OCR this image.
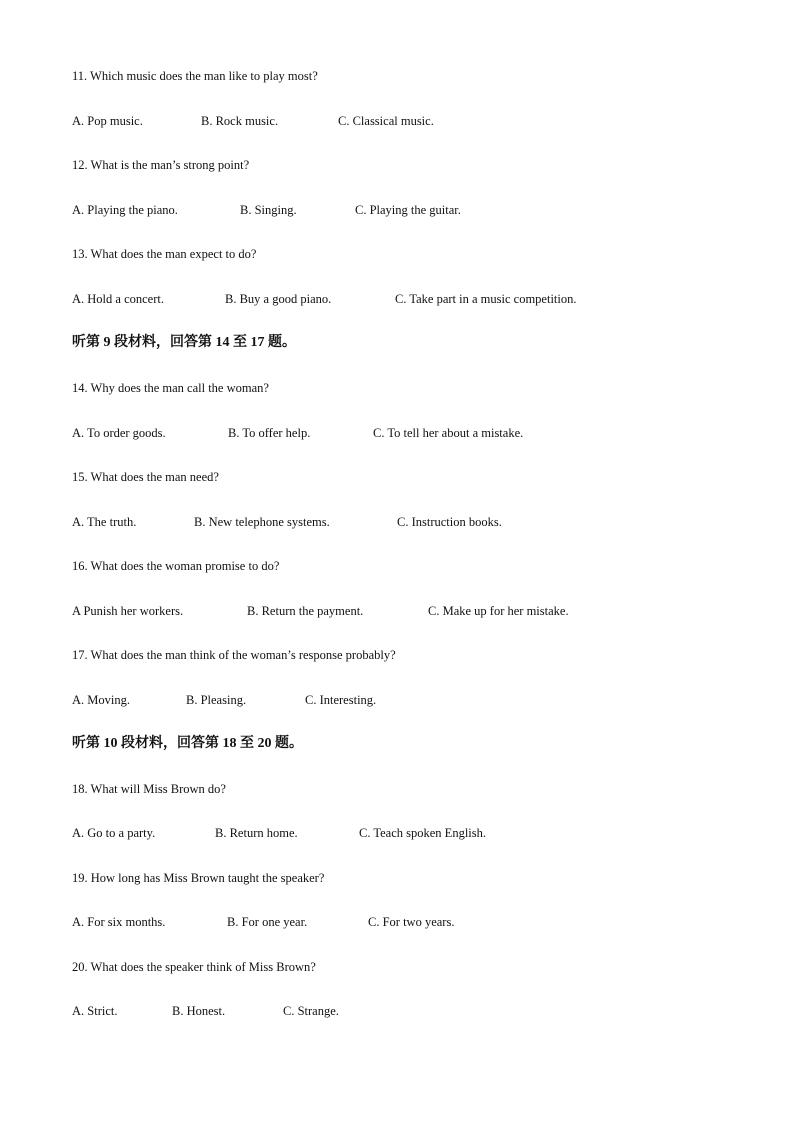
11. Which music does the man like to play most?
A. Pop music.	B. Rock music.	C. Classical music.
12. What is the man’s strong point?
A. Playing the piano.	B. Singing.	C. Playing the guitar.
13. What does the man expect to do?
A. Hold a concert.	B. Buy a good piano.	C. Take part in a music competition.
听第 9 段材料，回答第 14 至 17 题。
14. Why does the man call the woman?
A. To order goods.	B. To offer help.	C. To tell her about a mistake.
15. What does the man need?
A. The truth.	B. New telephone systems.	C. Instruction books.
16. What does the woman promise to do?
A Punish her workers.	B. Return the payment.	C. Make up for her mistake.
17. What does the man think of the woman’s response probably?
A. Moving.	B. Pleasing.	C. Interesting.
听第 10 段材料，回答第 18 至 20 题。
18. What will Miss Brown do?
A. Go to a party.	B. Return home.	C. Teach spoken English.
19. How long has Miss Brown taught the speaker?
A. For six months.	B. For one year.	C. For two years.
20. What does the speaker think of Miss Brown?
A. Strict.	B. Honest.	C. Strange.
